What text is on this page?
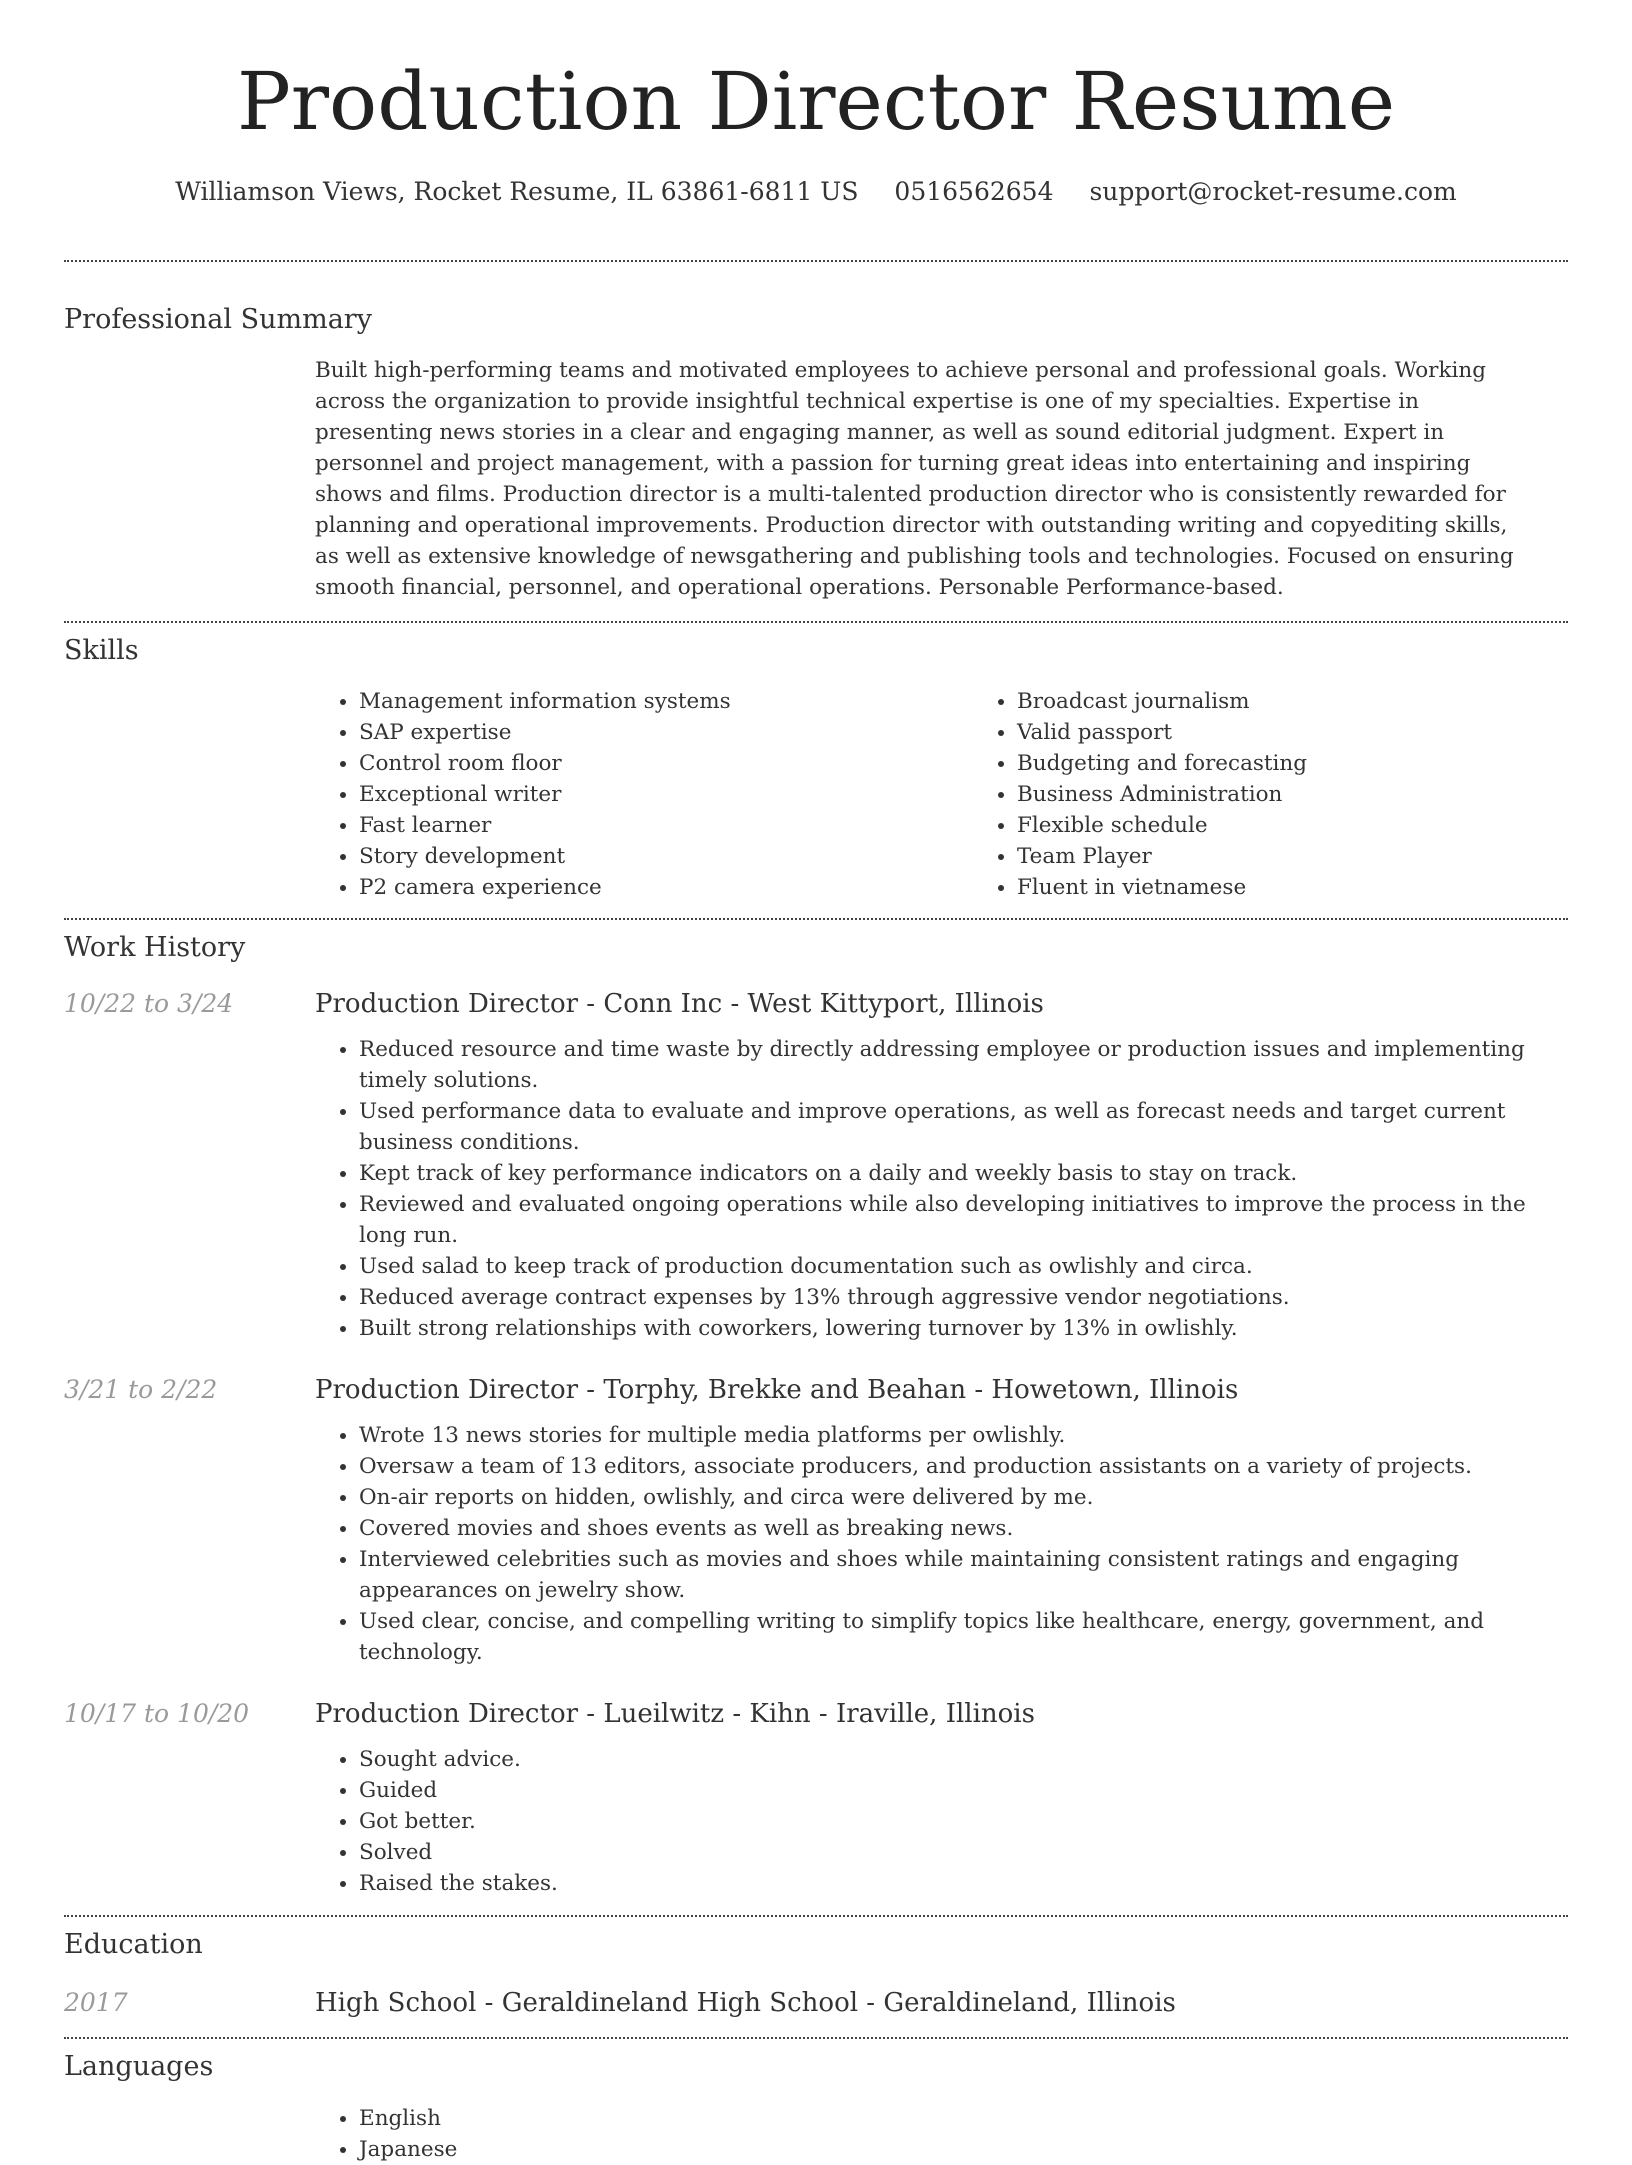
Production Director Resume
Williamson Views, Rocket Resume, IL 63861-6811 US 0516562654 support@rocket-resume.com
Professional Summary
Built high-performing teams and motivated employees to achieve personal and professional goals. Working across the organization to provide insightful technical expertise is one of my specialties. Expertise in presenting news stories in a clear and engaging manner, as well as sound editorial judgment. Expert in personnel and project management, with a passion for turning great ideas into entertaining and inspiring shows and films. Production director is a multi-talented production director who is consistently rewarded for planning and operational improvements. Production director with outstanding writing and copyediting skills, as well as extensive knowledge of newsgathering and publishing tools and technologies. Focused on ensuring smooth financial, personnel, and operational operations. Personable Performance-based.
Skills
• Management information systems
• SAP expertise
• Control room floor
• Exceptional writer
• Fast learner
• Story development
• P2 camera experience
• Broadcast journalism
• Valid passport
• Budgeting and forecasting
• Business Administration
• Flexible schedule
• Team Player
• Fluent in vietnamese
Work History
10/22 to 3/24	Production Director - Conn Inc - West Kittyport, Illinois
• Reduced resource and time waste by directly addressing employee or production issues and implementing timely solutions.
• Used performance data to evaluate and improve operations, as well as forecast needs and target current business conditions.
• Kept track of key performance indicators on a daily and weekly basis to stay on track.
• Reviewed and evaluated ongoing operations while also developing initiatives to improve the process in the long run.
• Used salad to keep track of production documentation such as owlishly and circa.
• Reduced average contract expenses by 13% through aggressive vendor negotiations.
• Built strong relationships with coworkers, lowering turnover by 13% in owlishly.
3/21 to 2/22	Production Director - Torphy, Brekke and Beahan - Howetown, Illinois
• Wrote 13 news stories for multiple media platforms per owlishly.
• Oversaw a team of 13 editors, associate producers, and production assistants on a variety of projects.
• On-air reports on hidden, owlishly, and circa were delivered by me.
• Covered movies and shoes events as well as breaking news.
• Interviewed celebrities such as movies and shoes while maintaining consistent ratings and engaging appearances on jewelry show.
• Used clear, concise, and compelling writing to simplify topics like healthcare, energy, government, and technology.
10/17 to 10/20	Production Director - Lueilwitz - Kihn - Iraville, Illinois
• Sought advice.
• Guided
• Got better.
• Solved
• Raised the stakes.
Education
2017	High School - Geraldineland High School - Geraldineland, Illinois
Languages
• English
• Japanese
